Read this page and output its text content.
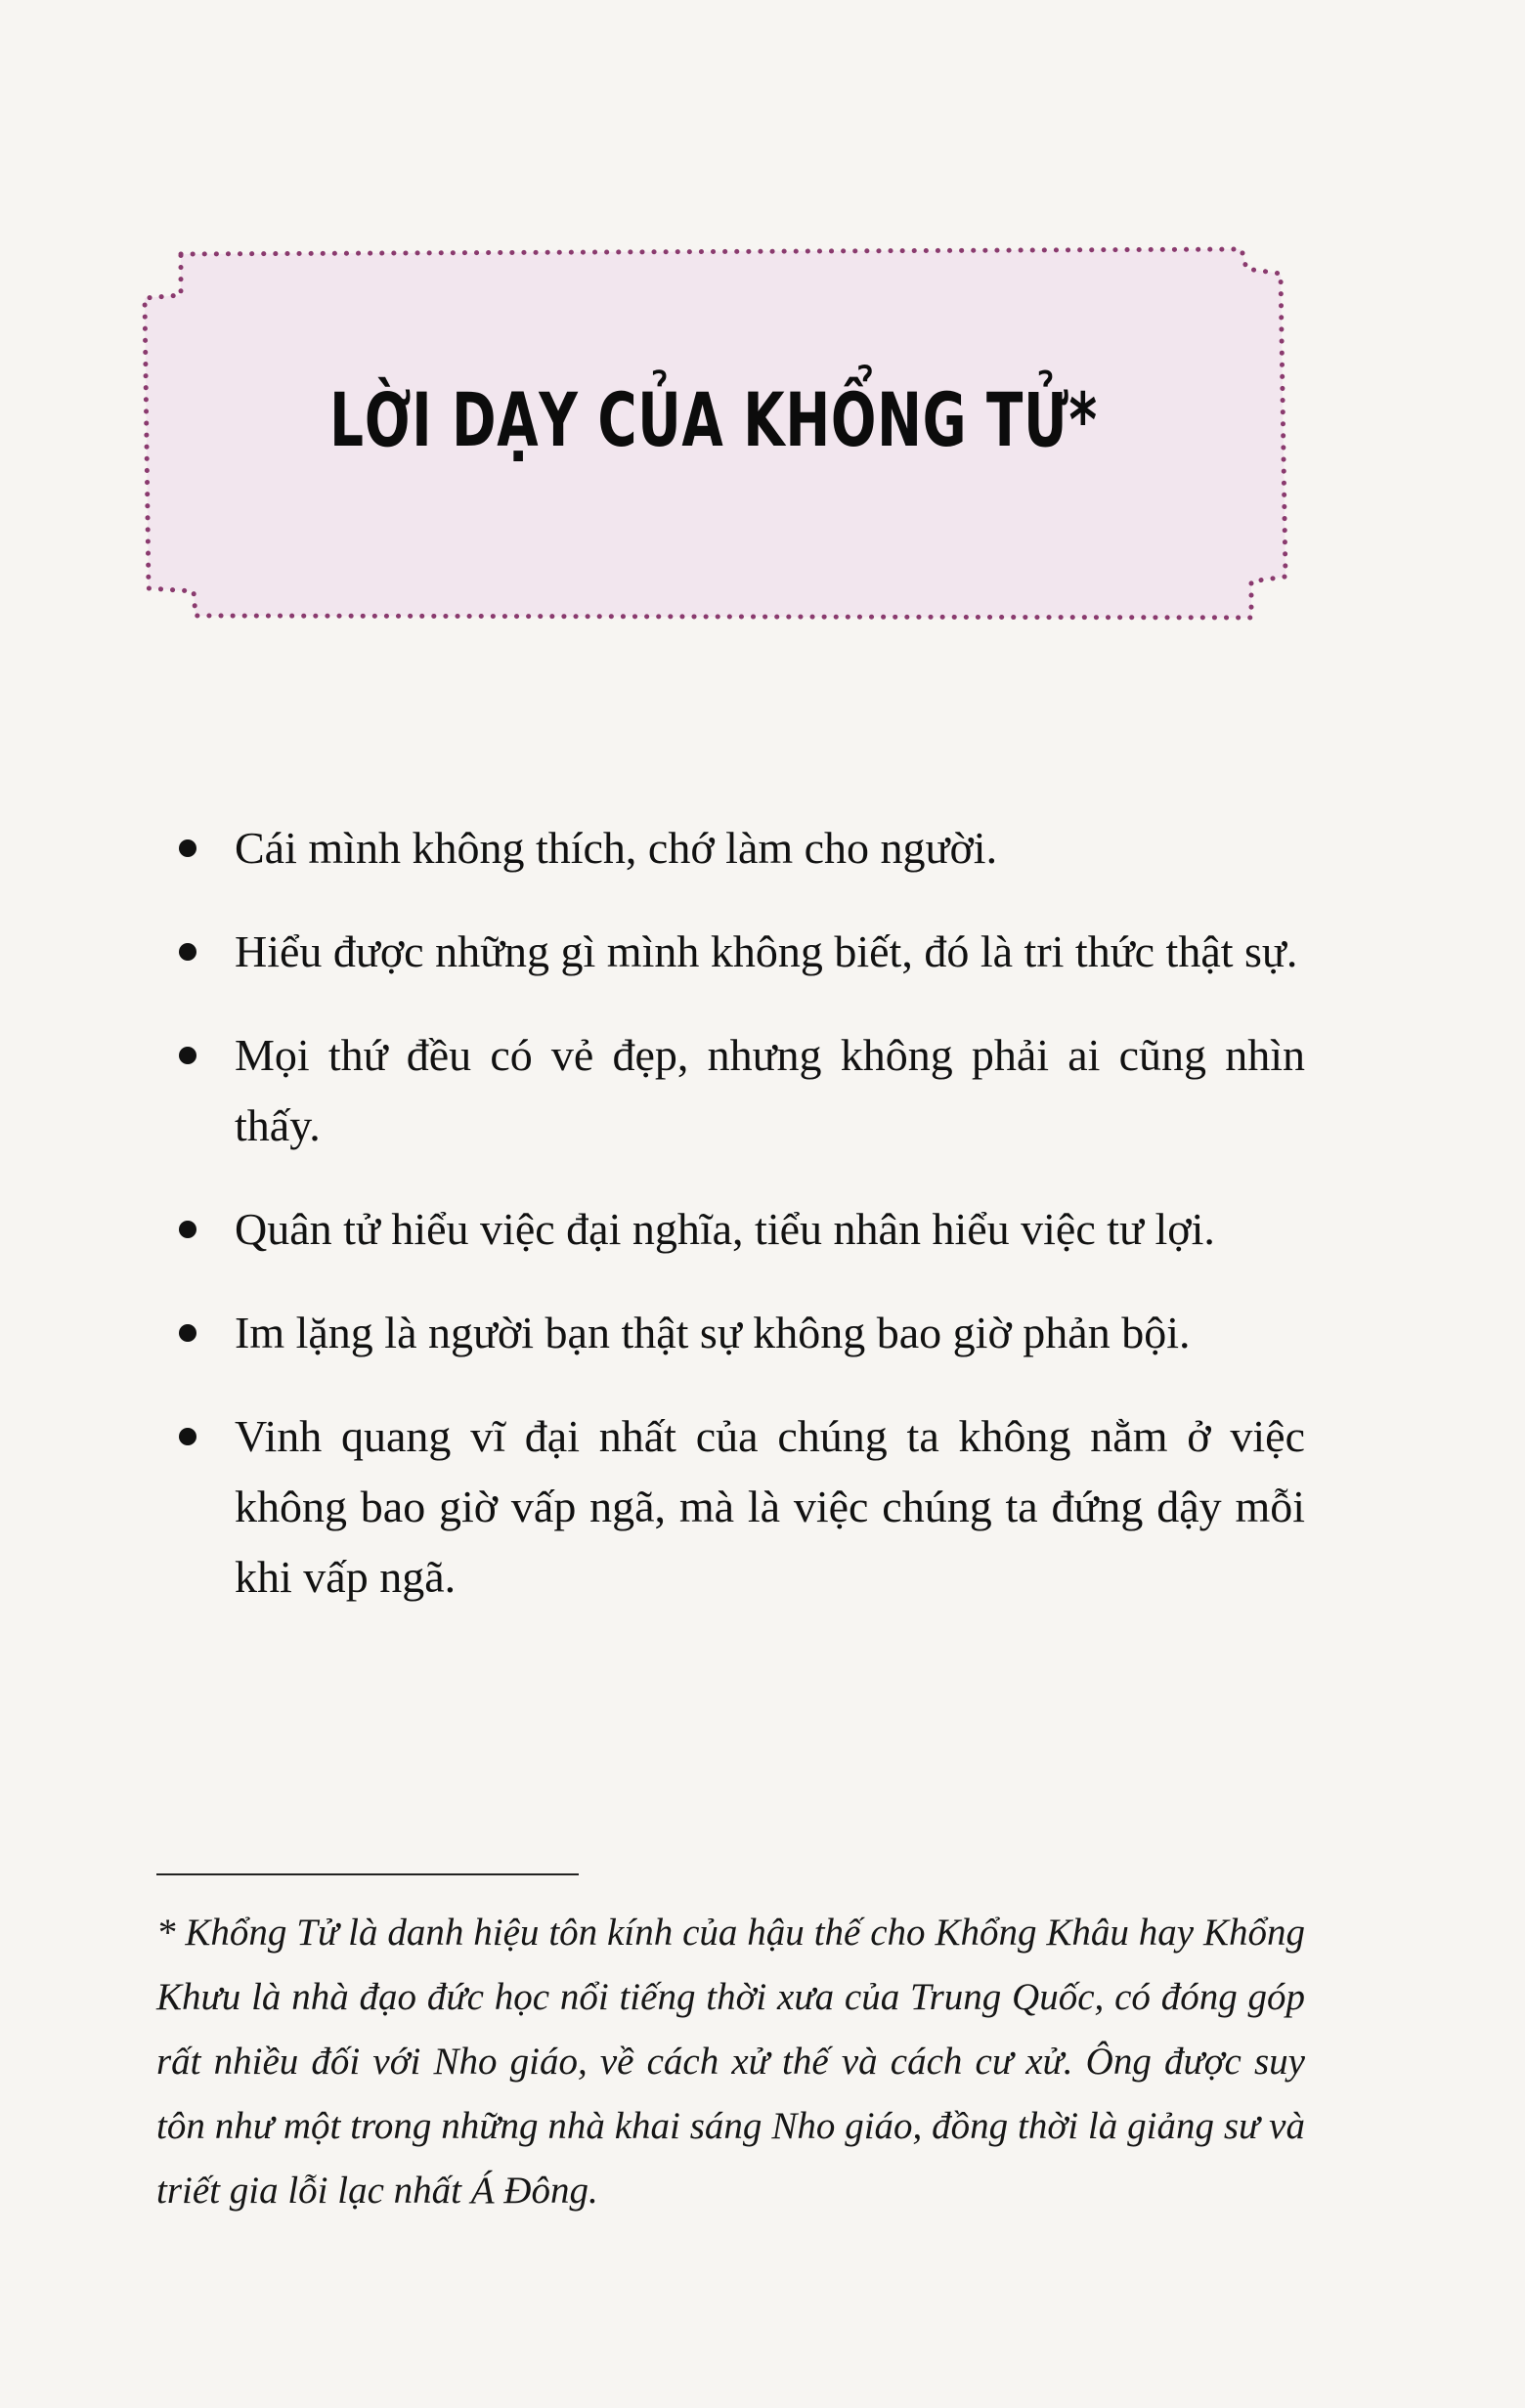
LỜI DẠY CỦA KHỔNG TỬ*
Cái mình không thích, chớ làm cho người.
Hiểu được những gì mình không biết, đó là tri thức thật sự.
Mọi thứ đều có vẻ đẹp, nhưng không phải ai cũng nhìn thấy.
Quân tử hiểu việc đại nghĩa, tiểu nhân hiểu việc tư lợi.
Im lặng là người bạn thật sự không bao giờ phản bội.
Vinh quang vĩ đại nhất của chúng ta không nằm ở việc không bao giờ vấp ngã, mà là việc chúng ta đứng dậy mỗi khi vấp ngã.
* Khổng Tử là danh hiệu tôn kính của hậu thế cho Khổng Khâu hay Khổng Khưu là nhà đạo đức học nổi tiếng thời xưa của Trung Quốc, có đóng góp rất nhiều đối với Nho giáo, về cách xử thế và cách cư xử. Ông được suy tôn như một trong những nhà khai sáng Nho giáo, đồng thời là giảng sư và triết gia lỗi lạc nhất Á Đông.
